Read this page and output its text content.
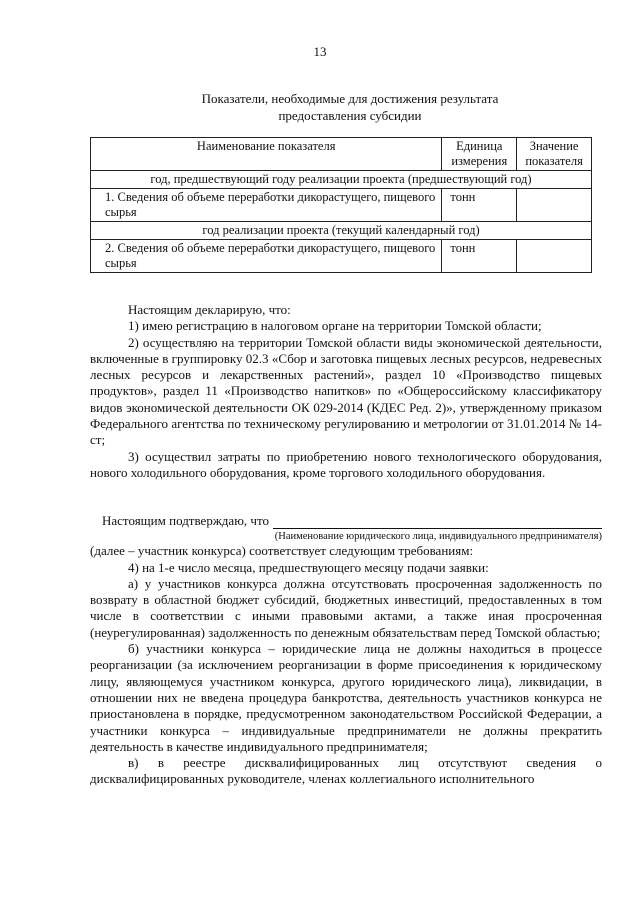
13
Показатели, необходимые для достижения результата
предоставления субсидии
Наименование показателя	Единица измерения	Значение показателя
год, предшествующий году реализации проекта (предшествующий год)		
1. Сведения об объеме переработки дикорастущего, пищевого сырья	тонн	
год реализации проекта (текущий календарный год)		
2. Сведения об объеме переработки дикорастущего, пищевого сырья	тонн	

Настоящим декларирую, что:

1) имею регистрацию в налоговом органе на территории Томской области;

2) осуществляю на территории Томской области виды экономической деятельности, включенные в группировку 02.3 «Сбор и заготовка пищевых лесных ресурсов, недревесных лесных ресурсов и лекарственных растений», раздел 10 «Производство пищевых продуктов», раздел 11 «Производство напитков» по «Общероссийскому классификатору видов экономической деятельности ОК 029-2014 (КДЕС Ред. 2)», утвержденному приказом Федерального агентства по техническому регулированию и метрологии от 31.01.2014 № 14-ст;

3) осуществил затраты по приобретению нового технологического оборудования, нового холодильного оборудования, кроме торгового холодильного оборудования.

Настоящим подтверждаю, что

(Наименование юридического лица, индивидуального предпринимателя)

(далее – участник конкурса) соответствует следующим требованиям:

4) на 1-е число месяца, предшествующего месяцу подачи заявки:

а) у участников конкурса должна отсутствовать просроченная задолженность по возврату в областной бюджет субсидий, бюджетных инвестиций, предоставленных в том числе в соответствии с иными правовыми актами, а также иная просроченная (неурегулированная) задолженность по денежным обязательствам перед Томской областью;

б) участники конкурса – юридические лица не должны находиться в процессе реорганизации (за исключением реорганизации в форме присоединения к юридическому лицу, являющемуся участником конкурса, другого юридического лица), ликвидации, в отношении них не введена процедура банкротства, деятельность участников конкурса не приостановлена в порядке, предусмотренном законодательством Российской Федерации, а участники конкурса – индивидуальные предприниматели не должны прекратить деятельность в качестве индивидуального предпринимателя;

в) в реестре дисквалифицированных лиц отсутствуют сведения о дисквалифицированных руководителе, членах коллегиального исполнительного
